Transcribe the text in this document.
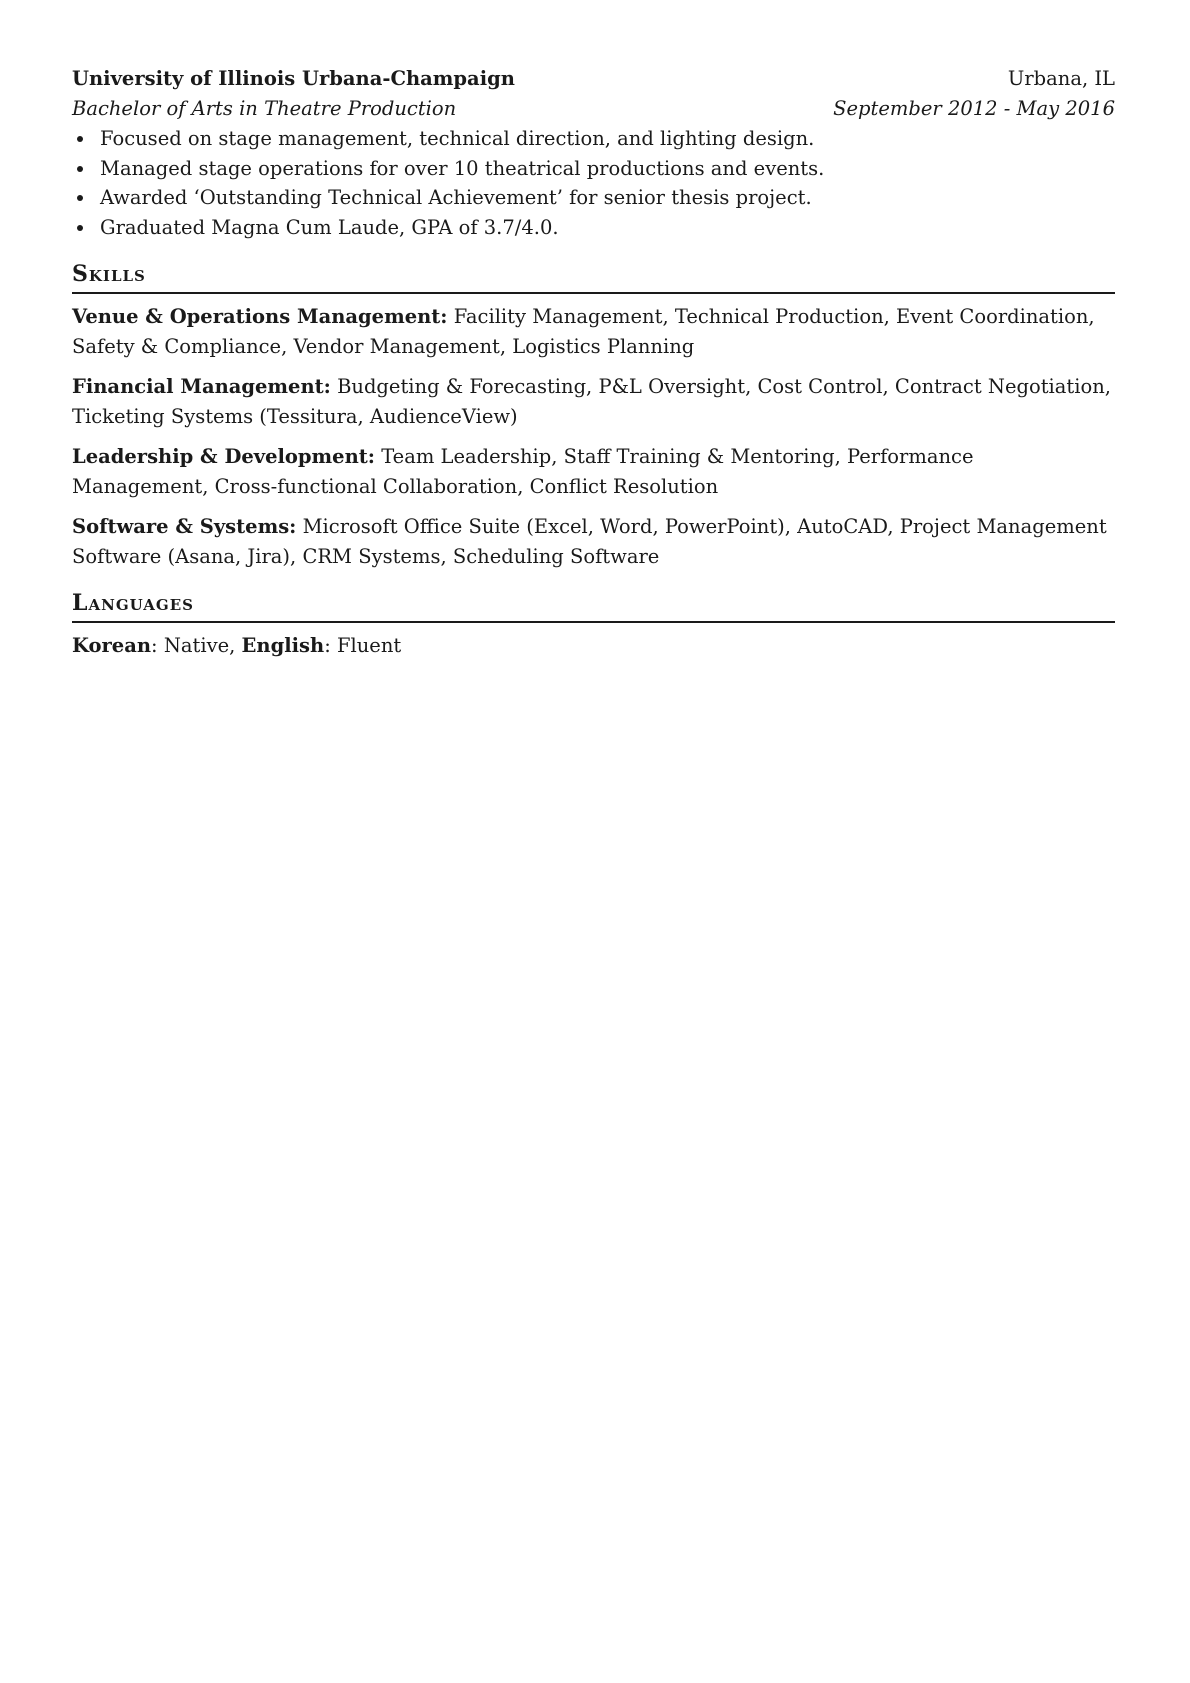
University of Illinois Urbana-Champaign	Urbana, IL
Bachelor of Arts in Theatre Production	September 2012 - May 2016
Focused on stage management, technical direction, and lighting design.
Managed stage operations for over 10 theatrical productions and events.
Awarded ‘Outstanding Technical Achievement’ for senior thesis project.
Graduated Magna Cum Laude, GPA of 3.7/4.0.
Skills
Venue & Operations Management: Facility Management, Technical Production, Event Coordination, Safety & Compliance, Vendor Management, Logistics Planning
Financial Management: Budgeting & Forecasting, P&L Oversight, Cost Control, Contract Negotiation, Ticketing Systems (Tessitura, AudienceView)
Leadership & Development: Team Leadership, Staff Training & Mentoring, Performance Management, Cross-functional Collaboration, Conflict Resolution
Software & Systems: Microsoft Office Suite (Excel, Word, PowerPoint), AutoCAD, Project Management Software (Asana, Jira), CRM Systems, Scheduling Software
Languages
Korean: Native, English: Fluent
